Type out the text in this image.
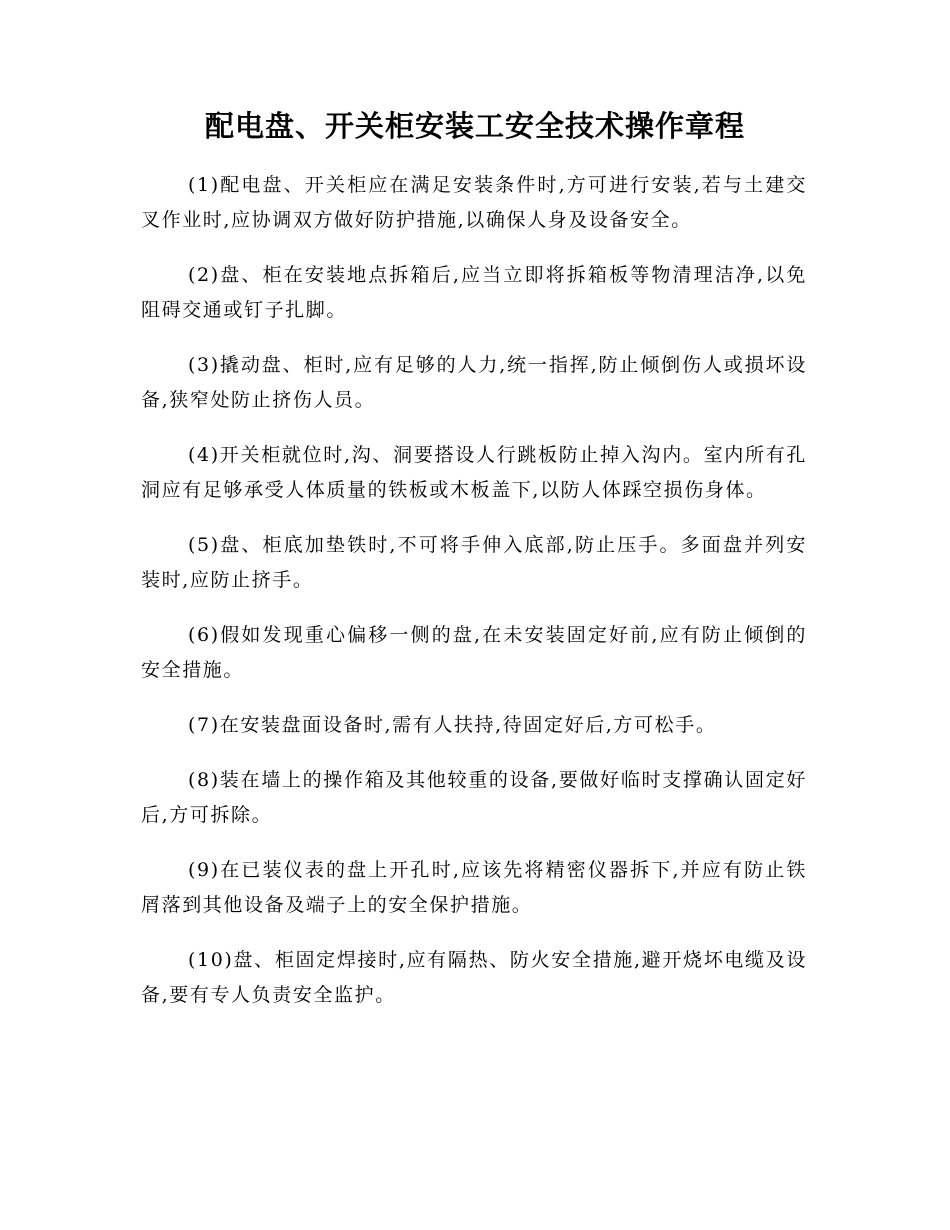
配电盘、开关柜安装工安全技术操作章程

(1)配电盘、开关柜应在满足安装条件时,方可进行安装,若与土建交叉作业时,应协调双方做好防护措施,以确保人身及设备安全。

(2)盘、柜在安装地点拆箱后,应当立即将拆箱板等物清理洁净,以免阻碍交通或钉子扎脚。

(3)撬动盘、柜时,应有足够的人力,统一指挥,防止倾倒伤人或损坏设备,狭窄处防止挤伤人员。

(4)开关柜就位时,沟、洞要搭设人行跳板防止掉入沟内。室内所有孔洞应有足够承受人体质量的铁板或木板盖下,以防人体踩空损伤身体。

(5)盘、柜底加垫铁时,不可将手伸入底部,防止压手。多面盘并列安装时,应防止挤手。

(6)假如发现重心偏移一侧的盘,在未安装固定好前,应有防止倾倒的安全措施。

(7)在安装盘面设备时,需有人扶持,待固定好后,方可松手。

(8)装在墙上的操作箱及其他较重的设备,要做好临时支撑确认固定好后,方可拆除。

(9)在已装仪表的盘上开孔时,应该先将精密仪器拆下,并应有防止铁屑落到其他设备及端子上的安全保护措施。

(10)盘、柜固定焊接时,应有隔热、防火安全措施,避开烧坏电缆及设备,要有专人负责安全监护。
